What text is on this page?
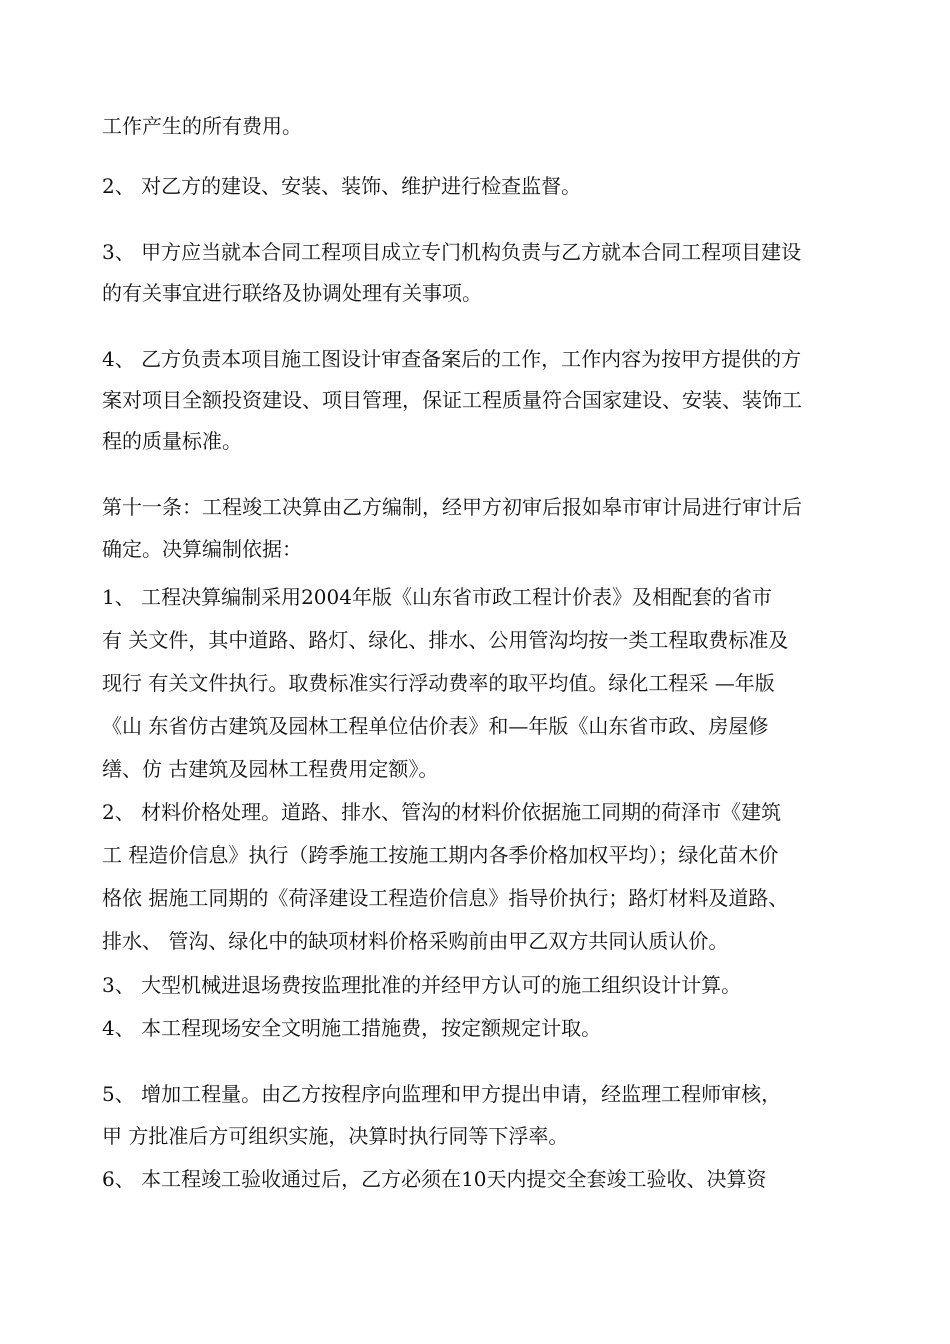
工作产生的所有费用。
2、 对乙方的建设、安装、装饰、维护进行检查监督。
3、 甲方应当就本合同工程项目成立专门机构负责与乙方就本合同工程项目建设
的有关事宜进行联络及协调处理有关事项。
4、 乙方负责本项目施工图设计审查备案后的工作，工作内容为按甲方提供的方
案对项目全额投资建设、项目管理，保证工程质量符合国家建设、安装、装饰工
程的质量标准。
第十一条：工程竣工决算由乙方编制，经甲方初审后报如皋市审计局进行审计后
确定。决算编制依据：
1、 工程决算编制采用2004年版《山东省市政工程计价表》及相配套的省市
有 关文件，其中道路、路灯、绿化、排水、公用管沟均按一类工程取费标准及
现行 有关文件执行。取费标准实行浮动费率的取平均值。绿化工程采 —年版
《山 东省仿古建筑及园林工程单位估价表》和—年版《山东省市政、房屋修
缮、仿 古建筑及园林工程费用定额》。
2、 材料价格处理。道路、排水、管沟的材料价依据施工同期的荷泽市《建筑
工 程造价信息》执行（跨季施工按施工期内各季价格加权平均）；绿化苗木价
格依 据施工同期的《荷泽建设工程造价信息》指导价执行；路灯材料及道路、
排水、 管沟、绿化中的缺项材料价格采购前由甲乙双方共同认质认价。
3、 大型机械进退场费按监理批准的并经甲方认可的施工组织设计计算。
4、 本工程现场安全文明施工措施费，按定额规定计取。
5、 增加工程量。由乙方按程序向监理和甲方提出申请，经监理工程师审核，
甲 方批准后方可组织实施，决算时执行同等下浮率。
6、 本工程竣工验收通过后，乙方必须在10天内提交全套竣工验收、决算资
